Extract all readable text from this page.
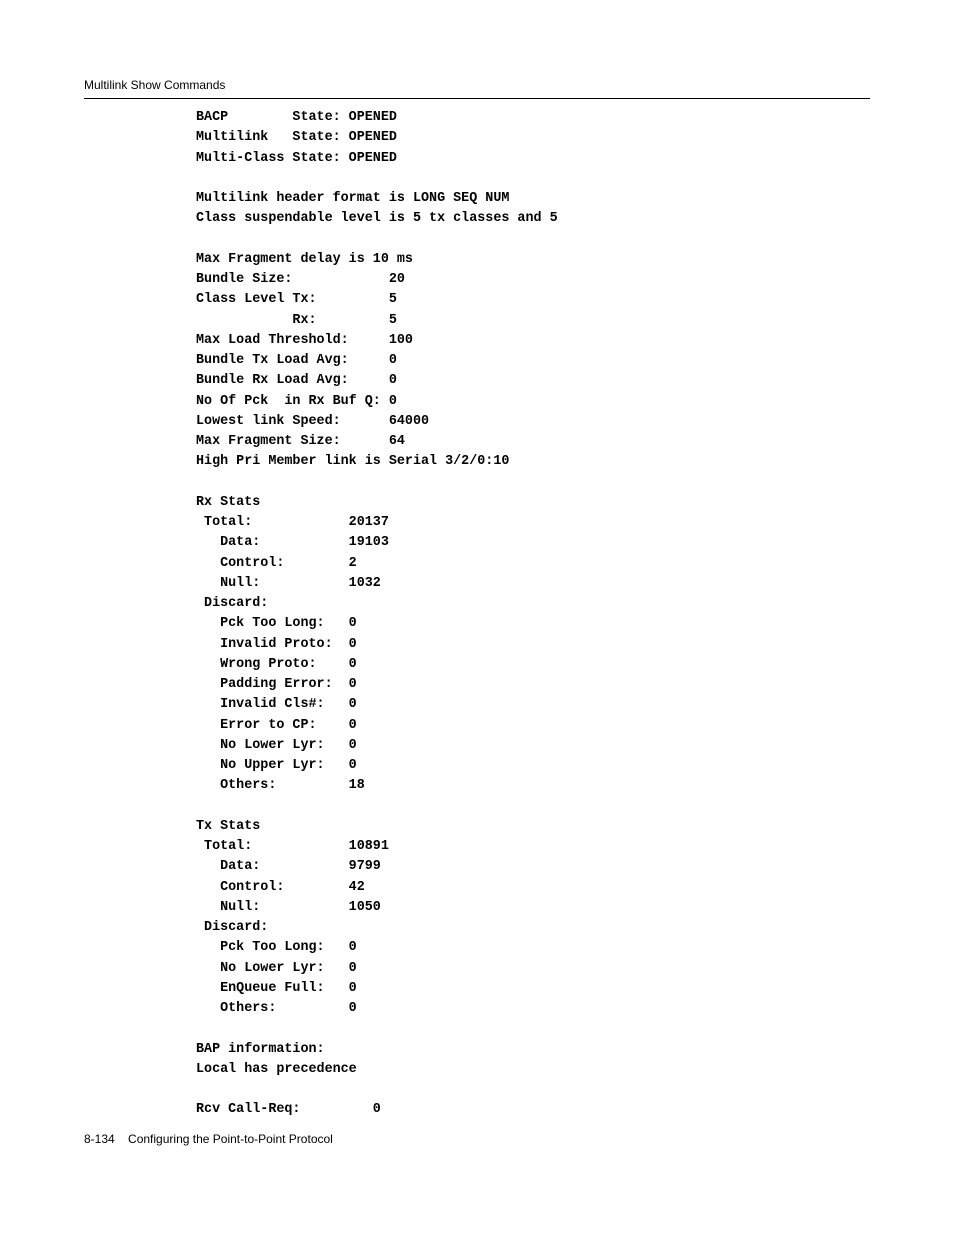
Multilink Show Commands
BACP        State: OPENED
Multilink   State: OPENED
Multi-Class State: OPENED
Multilink header format is LONG SEQ NUM
Class suspendable level is 5 tx classes and 5
Max Fragment delay is 10 ms
Bundle Size:            20
Class Level Tx:         5
Rx:         5
Max Load Threshold:     100
Bundle Tx Load Avg:     0
Bundle Rx Load Avg:     0
No Of Pck  in Rx Buf Q: 0
Lowest link Speed:      64000
Max Fragment Size:      64
High Pri Member link is Serial 3/2/0:10
Rx Stats
Total:            20137
Data:           19103
Control:        2
Null:           1032
Discard:
Pck Too Long:   0
Invalid Proto:  0
Wrong Proto:    0
Padding Error:  0
Invalid Cls#:   0
Error to CP:    0
No Lower Lyr:   0
No Upper Lyr:   0
Others:         18
Tx Stats
Total:            10891
Data:           9799
Control:        42
Null:           1050
Discard:
Pck Too Long:   0
No Lower Lyr:   0
EnQueue Full:   0
Others:         0
BAP information:
Local has precedence
Rcv Call-Req:         0
8-134 Configuring the Point-to-Point Protocol
